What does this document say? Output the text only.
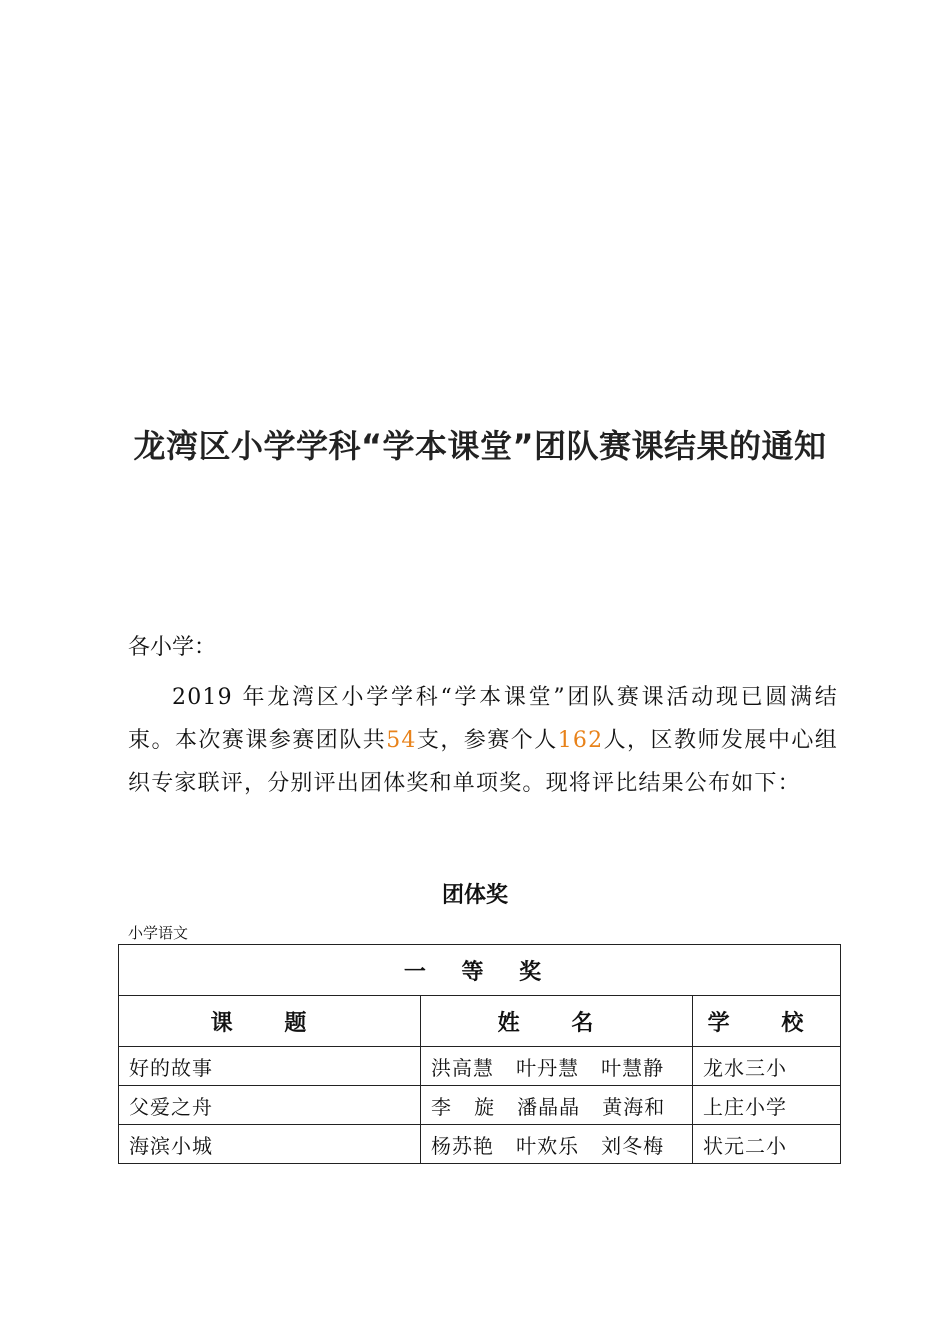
龙湾区小学学科“学本课堂”团队赛课结果的通知
各小学：
2019 年龙湾区小学学科“学本课堂”团队赛课活动现已圆满结束。本次赛课参赛团队共54支，参赛个人162人，区教师发展中心组织专家联评，分别评出团体奖和单项奖。现将评比结果公布如下：
团体奖
小学语文
一 等 奖		
课 题	姓 名	学 校
好的故事	洪高慧   叶丹慧   叶慧静	龙水三小
父爱之舟	李   旋   潘晶晶   黄海和	上庄小学
海滨小城	杨苏艳   叶欢乐   刘冬梅	状元二小
